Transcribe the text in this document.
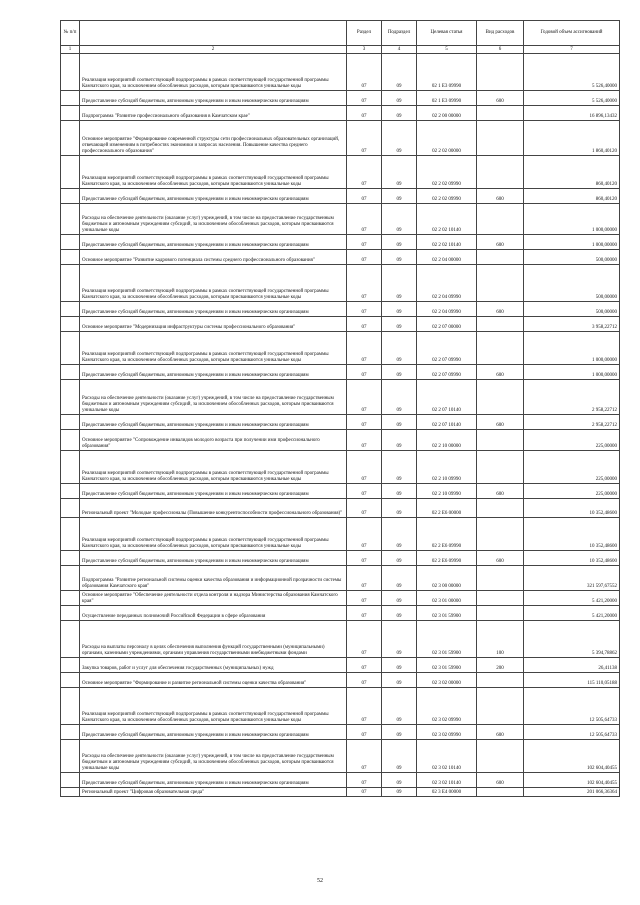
№ п/п		Раздел	Подраздел	Целевая статья	Вид расходов	Годовой объем ассигнований
1	2	3	4	5	6	7
	Реализация мероприятий соответствующей подпрограммы в рамках соответствующей государственной программы Камчатского края, за исключением обособленных расходов, которым присваиваются уникальные коды	07	09	02 1 Е3 09990		5 526,40000
	Предоставление субсидий бюджетным, автономным учреждениям и иным некоммерческим организациям	07	09	02 1 Е3 09990	600	5 526,40000
	Подпрограмма "Развитие профессионального образования в Камчатском крае"	07	09	02 2 00 00000		16 896,13432
	Основное мероприятие "Формирование современной структуры сети профессиональных образовательных организаций, отвечающей изменениям в потребностях экономики и запросах населения. Повышение качества среднего профессионального образования"	07	09	02 2 02 00000		1 860,40120
	Реализация мероприятий соответствующей подпрограммы в рамках соответствующей государственной программы Камчатского края, за исключением обособленных расходов, которым присваиваются уникальные коды	07	09	02 2 02 09990		860,40120
	Предоставление субсидий бюджетным, автономным учреждениям и иным некоммерческим организациям	07	09	02 2 02 09990	600	860,40120
	Расходы на обеспечение деятельности (оказание услуг) учреждений, в том числе на предоставление государственным бюджетным и автономным учреждениям субсидий, за исключением обособленных расходов, которым присваиваются уникальные коды	07	09	02 2 02 10140		1 000,00000
	Предоставление субсидий бюджетным, автономным учреждениям и иным некоммерческим организациям	07	09	02 2 02 10140	600	1 000,00000
	Основное мероприятие "Развитие кадрового потенциала системы среднего профессионального образования"	07	09	02 2 04 00000		500,00000
	Реализация мероприятий соответствующей подпрограммы в рамках соответствующей государственной программы Камчатского края, за исключением обособленных расходов, которым присваиваются уникальные коды	07	09	02 2 04 09990		500,00000
	Предоставление субсидий бюджетным, автономным учреждениям и иным некоммерческим организациям	07	09	02 2 04 09990	600	500,00000
	Основное мероприятие "Модернизация инфраструктуры системы профессионального образования"	07	09	02 2 07 00000		3 958,22712
	Реализация мероприятий соответствующей подпрограммы в рамках соответствующей государственной программы Камчатского края, за исключением обособленных расходов, которым присваиваются уникальные коды	07	09	02 2 07 09990		1 000,00000
	Предоставление субсидий бюджетным, автономным учреждениям и иным некоммерческим организациям	07	09	02 2 07 09990	600	1 000,00000
	Расходы на обеспечение деятельности (оказание услуг) учреждений, в том числе на предоставление государственным бюджетным и автономным учреждениям субсидий, за исключением обособленных расходов, которым присваиваются уникальные коды	07	09	02 2 07 10140		2 958,22712
	Предоставление субсидий бюджетным, автономным учреждениям и иным некоммерческим организациям	07	09	02 2 07 10140	600	2 958,22712
	Основное мероприятие "Сопровождение инвалидов молодого возраста при получении ими профессионального образования"	07	09	02 2 10 00000		225,00000
	Реализация мероприятий соответствующей подпрограммы в рамках соответствующей государственной программы Камчатского края, за исключением обособленных расходов, которым присваиваются уникальные коды	07	09	02 2 10 09990		225,00000
	Предоставление субсидий бюджетным, автономным учреждениям и иным некоммерческим организациям	07	09	02 2 10 09990	600	225,00000
	Региональный проект "Молодые профессионалы (Повышение конкурентоспособности профессионального образования)"	07	09	02 2 Е6 00000		10 352,48600
	Реализация мероприятий соответствующей подпрограммы в рамках соответствующей государственной программы Камчатского края, за исключением обособленных расходов, которым присваиваются уникальные коды	07	09	02 2 Е6 09990		10 352,48600
	Предоставление субсидий бюджетным, автономным учреждениям и иным некоммерческим организациям	07	09	02 2 Е6 09990	600	10 352,48600
	Подпрограмма "Развитие региональной системы оценки качества образования и информационной прозрачности системы образования Камчатского края"	07	09	02 3 00 00000		321 597,67552
	Основное мероприятие "Обеспечение деятельности отдела контроля и надзора Министерства образования Камчатского края"	07	09	02 3 01 00000		5 421,20000
	Осуществление переданных полномочий Российской Федерации в сфере образования	07	09	02 3 01 59900		5 421,20000
	Расходы на выплаты персоналу в целях обеспечения выполнения функций государственными (муниципальными) органами, казенными учреждениями, органами управления государственными внебюджетными фондами	07	09	02 3 01 59900	100	5 394,78862
	Закупка товаров, работ и услуг для обеспечения государственных (муниципальных) нужд	07	09	02 3 01 59900	200	26,41138
	Основное мероприятие "Формирование и развитие региональной системы оценки качества образования"	07	09	02 3 02 00000		115 110,05188
	Реализация мероприятий соответствующей подпрограммы в рамках соответствующей государственной программы Камчатского края, за исключением обособленных расходов, которым присваиваются уникальные коды	07	09	02 3 02 09990		12 505,64733
	Предоставление субсидий бюджетным, автономным учреждениям и иным некоммерческим организациям	07	09	02 3 02 09990	600	12 505,64733
	Расходы на обеспечение деятельности (оказание услуг) учреждений, в том числе на предоставление государственным бюджетным и автономным учреждениям субсидий, за исключением обособленных расходов, которым присваиваются уникальные коды	07	09	02 3 02 10140		102 604,40455
	Предоставление субсидий бюджетным, автономным учреждениям и иным некоммерческим организациям	07	09	02 3 02 10140	600	102 604,40455
	Региональный проект "Цифровая образовательная среда"	07	09	02 3 Е4 00000		201 066,36364
52
